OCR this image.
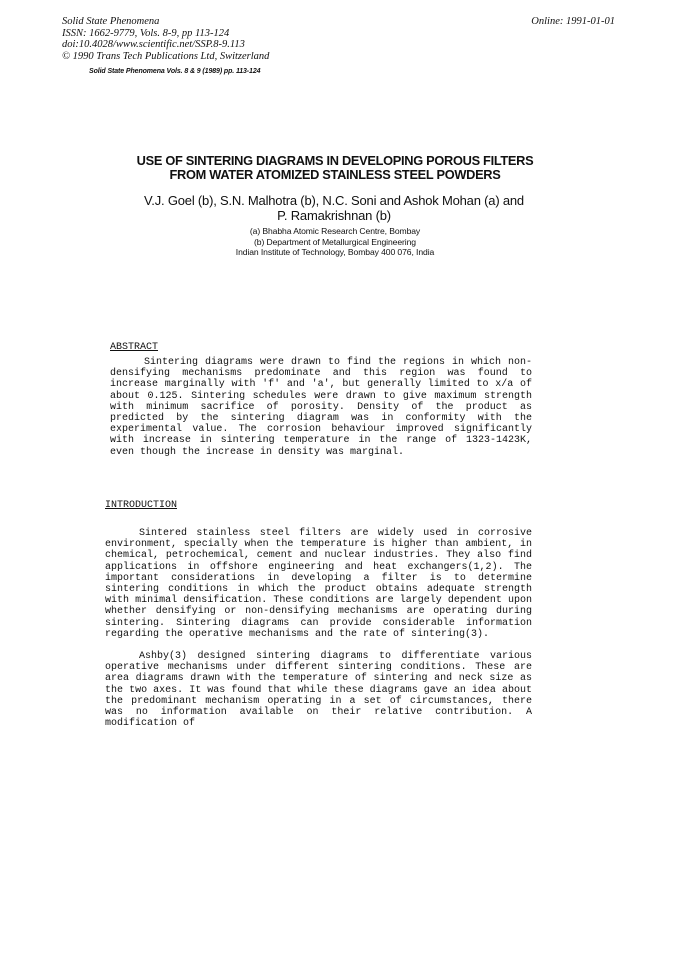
Solid State Phenomena
ISSN: 1662-9779, Vols. 8-9, pp 113-124
doi:10.4028/www.scientific.net/SSP.8-9.113
© 1990 Trans Tech Publications Ltd, Switzerland
Online: 1991-01-01
Solid State Phenomena Vols. 8 & 9 (1989) pp. 113-124
USE OF SINTERING DIAGRAMS IN DEVELOPING POROUS FILTERS
FROM WATER ATOMIZED STAINLESS STEEL POWDERS
V.J. Goel (b), S.N. Malhotra (b), N.C. Soni and Ashok Mohan (a) and
P. Ramakrishnan (b)
(a) Bhabha Atomic Research Centre, Bombay
(b) Department of Metallurgical Engineering
Indian Institute of Technology, Bombay 400 076, India
ABSTRACT

Sintering diagrams were drawn to find the regions in which non-densifying mechanisms predominate and this region was found to increase marginally with 'f' and 'a', but generally limited to x/a of about 0.125. Sintering schedules were drawn to give maximum strength with minimum sacrifice of porosity. Density of the product as predicted by the sintering diagram was in conformity with the experimental value. The corrosion behaviour improved significantly with increase in sintering temperature in the range of 1323-1423K, even though the increase in density was marginal.

INTRODUCTION

Sintered stainless steel filters are widely used in corrosive environment, specially when the temperature is higher than ambient, in chemical, petrochemical, cement and nuclear industries. They also find applications in offshore engineering and heat exchangers(1,2). The important considerations in developing a filter is to determine sintering conditions in which the product obtains adequate strength with minimal densification. These conditions are largely dependent upon whether densifying or non-densifying mechanisms are operating during sintering. Sintering diagrams can provide considerable information regarding the operative mechanisms and the rate of sintering(3).

Ashby(3) designed sintering diagrams to differentiate various operative mechanisms under different sintering conditions. These are area diagrams drawn with the temperature of sintering and neck size as the two axes. It was found that while these diagrams gave an idea about the predominant mechanism operating in a set of circumstances, there was no information available on their relative contribution. A modification of
